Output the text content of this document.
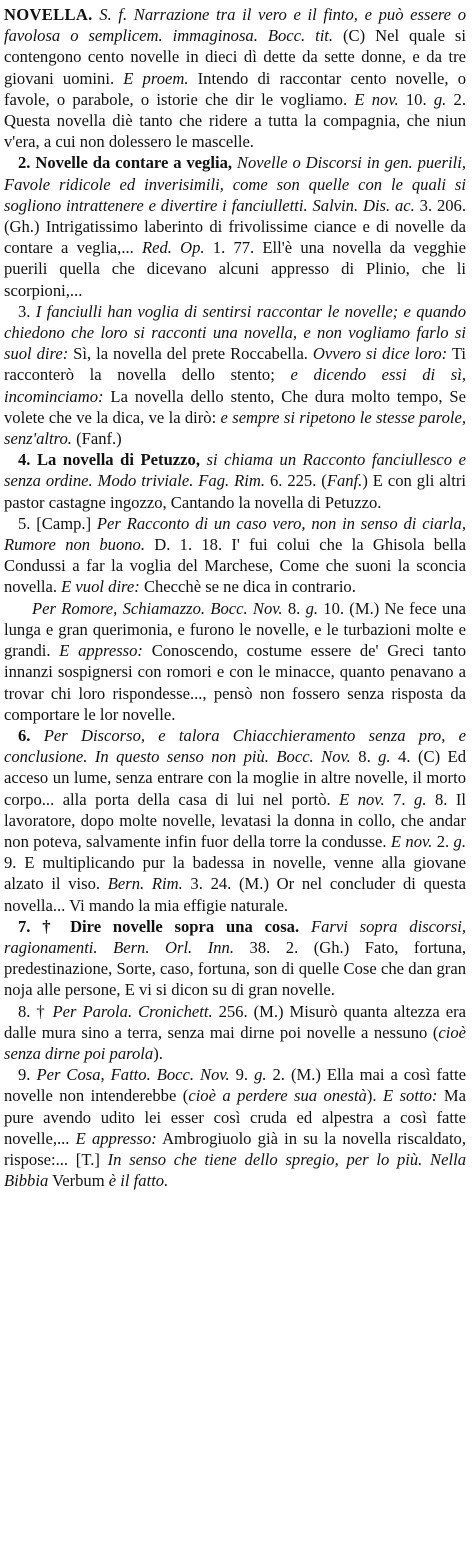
NOVELLA. S. f. Narrazione tra il vero e il finto, e può essere o favolosa o semplicem. immaginosa. Bocc. tit. (C) Nel quale si contengono cento novelle in dieci dì dette da sette donne, e da tre giovani uomini. E proem. Intendo di raccontar cento novelle, o favole, o parabole, o istorie che dir le vogliamo. E nov. 10. g. 2. Questa novella diè tanto che ridere a tutta la compagnia, che niun v'era, a cui non dolessero le mascelle.

2. Novelle da contare a veglia, Novelle o Discorsi in gen. puerili, Favole ridicole ed inverisimili, come son quelle con le quali si sogliono intrattenere e divertire i fanciulletti. Salvin. Dis. ac. 3. 206. (Gh.) Intrigatissimo laberinto di frivolissime ciance e di novelle da contare a veglia,... Red. Op. 1. 77. Ell'è una novella da vegghie puerili quella che dicevano alcuni appresso di Plinio, che li scorpioni,...

3. I fanciulli han voglia di sentirsi raccontar le novelle; e quando chiedono che loro si racconti una novella, e non vogliamo farlo si suol dire: Sì, la novella del prete Roccabella. Ovvero si dice loro: Ti racconterò la novella dello stento; e dicendo essi di sì, incominciamo: La novella dello stento, Che dura molto tempo, Se volete che ve la dica, ve la dirò: e sempre si ripetono le stesse parole, senz'altro. (Fanf.)

4. La novella di Petuzzo, si chiama un Racconto fanciullesco e senza ordine. Modo triviale. Fag. Rim. 6. 225. (Fanf.) E con gli altri pastor castagne ingozzo, Cantando la novella di Petuzzo.

5. [Camp.] Per Racconto di un caso vero, non in senso di ciarla, Rumore non buono. D. 1. 18. I' fui colui che la Ghisola bella Condussi a far la voglia del Marchese, Come che suoni la sconcia novella. E vuol dire: Checchè se ne dica in contrario.

Per Romore, Schiamazzo. Bocc. Nov. 8. g. 10. (M.) Ne fece una lunga e gran querimonia, e furono le novelle, e le turbazioni molte e grandi. E appresso: Conoscendo, costume essere de' Greci tanto innanzi sospignersi con romori e con le minacce, quanto penavano a trovar chi loro rispondesse..., pensò non fossero senza risposta da comportare le lor novelle.

6. Per Discorso, e talora Chiacchieramento senza pro, e conclusione. In questo senso non più. Bocc. Nov. 8. g. 4. (C) Ed acceso un lume, senza entrare con la moglie in altre novelle, il morto corpo... alla porta della casa di lui nel portò. E nov. 7. g. 8. Il lavoratore, dopo molte novelle, levatasi la donna in collo, che andar non poteva, salvamente infin fuor della torre la condusse. E nov. 2. g. 9. E multiplicando pur la badessa in novelle, venne alla giovane alzato il viso. Bern. Rim. 3. 24. (M.) Or nel concluder di questa novella... Vi mando la mia effigie naturale.

7. † Dire novelle sopra una cosa. Farvi sopra discorsi, ragionamenti. Bern. Orl. Inn. 38. 2. (Gh.) Fato, fortuna, predestinazione, Sorte, caso, fortuna, son di quelle Cose che dan gran noja alle persone, E vi si dicon su di gran novelle.

8. † Per Parola. Cronichett. 256. (M.) Misurò quanta altezza era dalle mura sino a terra, senza mai dirne poi novelle a nessuno (cioè senza dirne poi parola).

9. Per Cosa, Fatto. Bocc. Nov. 9. g. 2. (M.) Ella mai a così fatte novelle non intenderebbe (cioè a perdere sua onestà). E sotto: Ma pure avendo udito lei esser così cruda ed alpestra a così fatte novelle,... E appresso: Ambrogiuolo già in su la novella riscaldato, rispose:... [T.] In senso che tiene dello spregio, per lo più. Nella Bibbia Verbum è il fatto.
